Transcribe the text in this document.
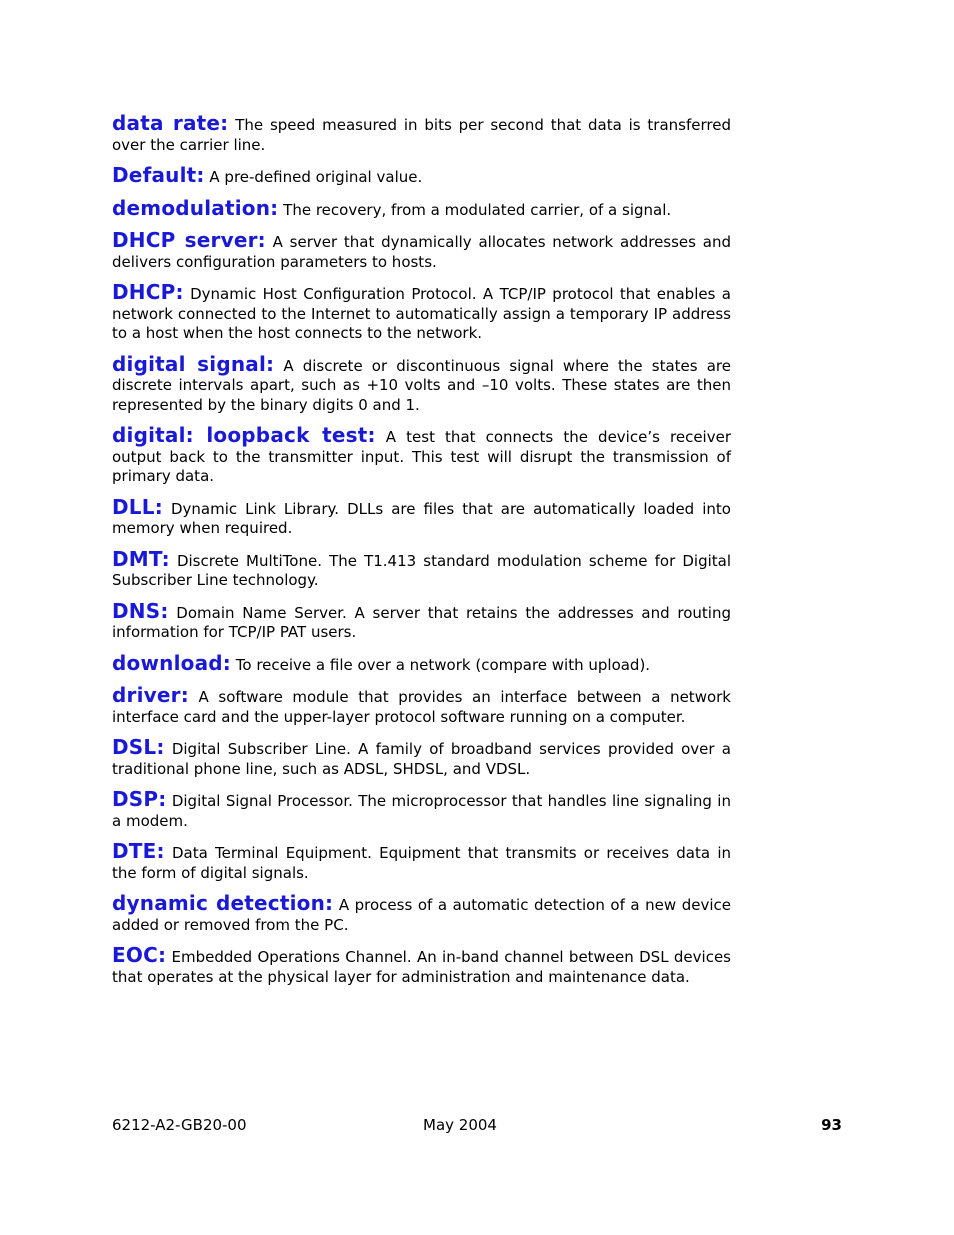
data rate: The speed measured in bits per second that data is transferred over the carrier line.

Default: A pre-defined original value.

demodulation: The recovery, from a modulated carrier, of a signal.

DHCP server: A server that dynamically allocates network addresses and delivers configuration parameters to hosts.

DHCP: Dynamic Host Configuration Protocol. A TCP/IP protocol that enables a network connected to the Internet to automatically assign a temporary IP address to a host when the host connects to the network.

digital signal: A discrete or discontinuous signal where the states are discrete intervals apart, such as +10 volts and –10 volts. These states are then represented by the binary digits 0 and 1.

digital: loopback test: A test that connects the device’s receiver output back to the transmitter input. This test will disrupt the transmission of primary data.

DLL: Dynamic Link Library. DLLs are files that are automatically loaded into memory when required.

DMT: Discrete MultiTone. The T1.413 standard modulation scheme for Digital Subscriber Line technology.

DNS: Domain Name Server. A server that retains the addresses and routing information for TCP/IP PAT users.

download: To receive a file over a network (compare with upload).

driver: A software module that provides an interface between a network interface card and the upper-layer protocol software running on a computer.

DSL: Digital Subscriber Line. A family of broadband services provided over a traditional phone line, such as ADSL, SHDSL, and VDSL.

DSP: Digital Signal Processor. The microprocessor that handles line signaling in a modem.

DTE: Data Terminal Equipment. Equipment that transmits or receives data in the form of digital signals.

dynamic detection: A process of a automatic detection of a new device added or removed from the PC.

EOC: Embedded Operations Channel. An in-band channel between DSL devices that operates at the physical layer for administration and maintenance data.

6212-A2-GB20-00	May 2004	93
